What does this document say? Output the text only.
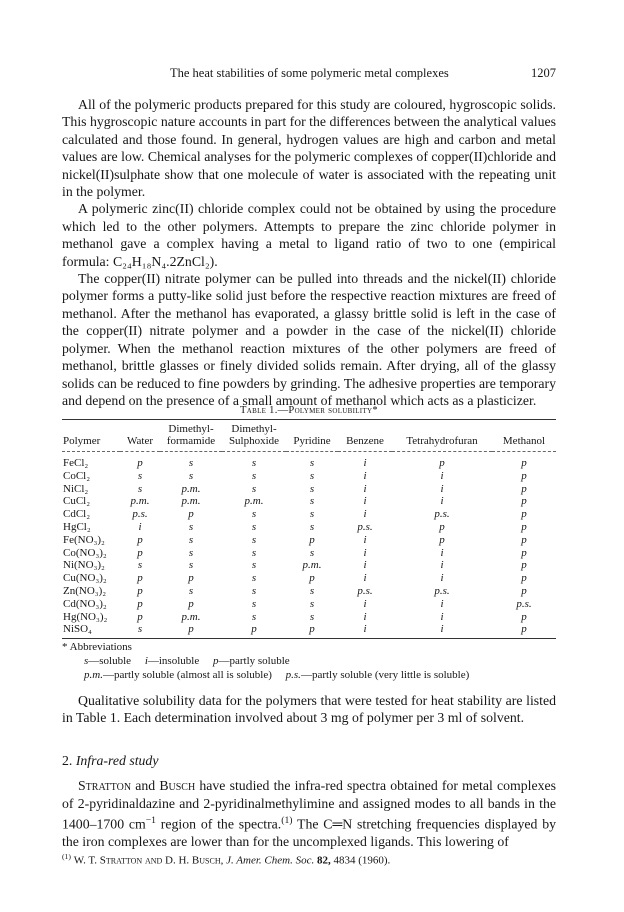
The heat stabilities of some polymeric metal complexes	1207

All of the polymeric products prepared for this study are coloured, hygroscopic solids. This hygroscopic nature accounts in part for the differences between the analytical values calculated and those found. In general, hydrogen values are high and carbon and metal values are low. Chemical analyses for the polymeric complexes of copper(II)chloride and nickel(II)sulphate show that one molecule of water is associated with the repeating unit in the polymer.

A polymeric zinc(II) chloride complex could not be obtained by using the procedure which led to the other polymers. Attempts to prepare the zinc chloride polymer in methanol gave a complex having a metal to ligand ratio of two to one (empirical formula: C₂₄H₁₈N₄.2ZnCl₂).

The copper(II) nitrate polymer can be pulled into threads and the nickel(II) chloride polymer forms a putty-like solid just before the respective reaction mixtures are freed of methanol. After the methanol has evaporated, a glassy brittle solid is left in the case of the copper(II) nitrate polymer and a powder in the case of the nickel(II) chloride polymer. When the methanol reaction mixtures of the other polymers are freed of methanol, brittle glasses or finely divided solids remain. After drying, all of the glassy solids can be reduced to fine powders by grinding. The adhesive properties are temporary and depend on the presence of a small amount of methanol which acts as a plasticizer.

Table 1.—Polymer solubility*
		Dimethyl-	Dimethyl-				
Polymer	Water	formamide	Sulphoxide	Pyridine	Benzene	Tetrahydrofuran	Methanol
FeCl₂	p	s	s	s	i	p	p
CoCl₂	s	s	s	s	i	i	p
NiCl₂	s	p.m.	s	s	i	i	p
CuCl₂	p.m.	p.m.	p.m.	s	i	i	p
CdCl₂	p.s.	p	s	s	i	p.s.	p
HgCl₂	i	s	s	s	p.s.	p	p
Fe(NO₃)₂	p	s	s	p	i	p	p
Co(NO₃)₂	p	s	s	s	i	i	p
Ni(NO₃)₂	s	s	s	p.m.	i	i	p
Cu(NO₃)₂	p	p	s	p	i	i	p
Zn(NO₃)₂	p	s	s	s	p.s.	p.s.	p
Cd(NO₃)₂	p	p	s	s	i	i	p.s.
Hg(NO₃)₂	p	p.m.	s	s	i	i	p
NiSO₄	s	p	p	p	i	i	p
* Abbreviations
s—soluble i—insoluble p—partly soluble
p.m.—partly soluble (almost all is soluble) p.s.—partly soluble (very little is soluble)

Qualitative solubility data for the polymers that were tested for heat stability are listed in Table 1. Each determination involved about 3 mg of polymer per 3 ml of solvent.

2. Infra-red study

Stratton and Busch have studied the infra-red spectra obtained for metal complexes of 2-pyridinaldazine and 2-pyridinalmethylimine and assigned modes to all bands in the 1400–1700 $cm^{-1}$ region of the spectra.$^{(1)}$ The C═N stretching frequencies displayed by the iron complexes are lower than for the uncomplexed ligands. This lowering of

$^{(1)}$ W. T. Stratton and D. H. Busch, J. Amer. Chem. Soc. 82, 4834 (1960).
